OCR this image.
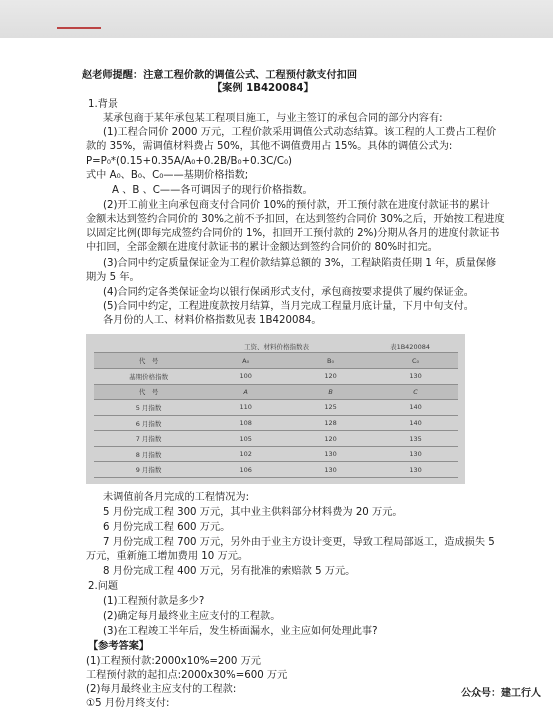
赵老师提醒：注意工程价款的调值公式、工程预付款支付扣回
【案例 1B420084】
1.背景
某承包商于某年承包某工程项目施工，与业主签订的承包合同的部分内容有:
(1)工程合同价 2000 万元，工程价款采用调值公式动态结算。该工程的人工费占工程价
款的 35%，需调值材料费占 50%，其他不调值费用占 15%。具体的调值公式为:
P=P₀*(0.15+0.35A/A₀+0.2B/B₀+0.3C/C₀)
式中 A₀、B₀、C₀——基期价格指数;
A 、B 、C——各可调因子的现行价格指数。
(2)开工前业主向承包商支付合同价 10%的预付款，开工预付款在进度付款证书的累计
金额未达到签约合同价的 30%之前不予扣回，在达到签约合同价 30%之后，开始按工程进度
以固定比例(即每完成签约合同价的 1%，扣回开工预付款的 2%)分期从各月的进度付款证书
中扣回，全部金额在进度付款证书的累计金额达到签约合同价的 80%时扣完。
(3)合同中约定质量保证金为工程价款结算总额的 3%，工程缺陷责任期 1 年，质量保修
期为 5 年。
(4)合同约定各类保证金均以银行保函形式支付，承包商按要求提供了履约保证金。
(5)合同中约定，工程进度款按月结算，当月完成工程量月底计量，下月中旬支付。
各月份的人工、材料价格指数见表 1B420084。
工资、材料价格指数表 表1B420084			

代　号	A₀	B₀	C₀
基期价格指数	100	120	130
代　号	A	B	C
5 月指数	110	125	140
6 月指数	108	128	140
7 月指数	105	120	135
8 月指数	102	130	130
9 月指数	106	130	130
未调值前各月完成的工程情况为:
5 月份完成工程 300 万元，其中业主供料部分材料费为 20 万元。
6 月份完成工程 600 万元。
7 月份完成工程 700 万元，另外由于业主方设计变更，导致工程局部返工，造成损失 5
万元，重新施工增加费用 10 万元。
8 月份完成工程 400 万元，另有批准的索赔款 5 万元。
2.问题
(1)工程预付款是多少?
(2)确定每月最终业主应支付的工程款。
(3)在工程竣工半年后，发生桥面漏水，业主应如何处理此事?
【参考答案】
(1)工程预付款:2000x10%=200 万元
工程预付款的起扣点:2000x30%=600 万元
(2)每月最终业主应支付的工程款:
①5 月份月终支付:
公众号：建工行人
